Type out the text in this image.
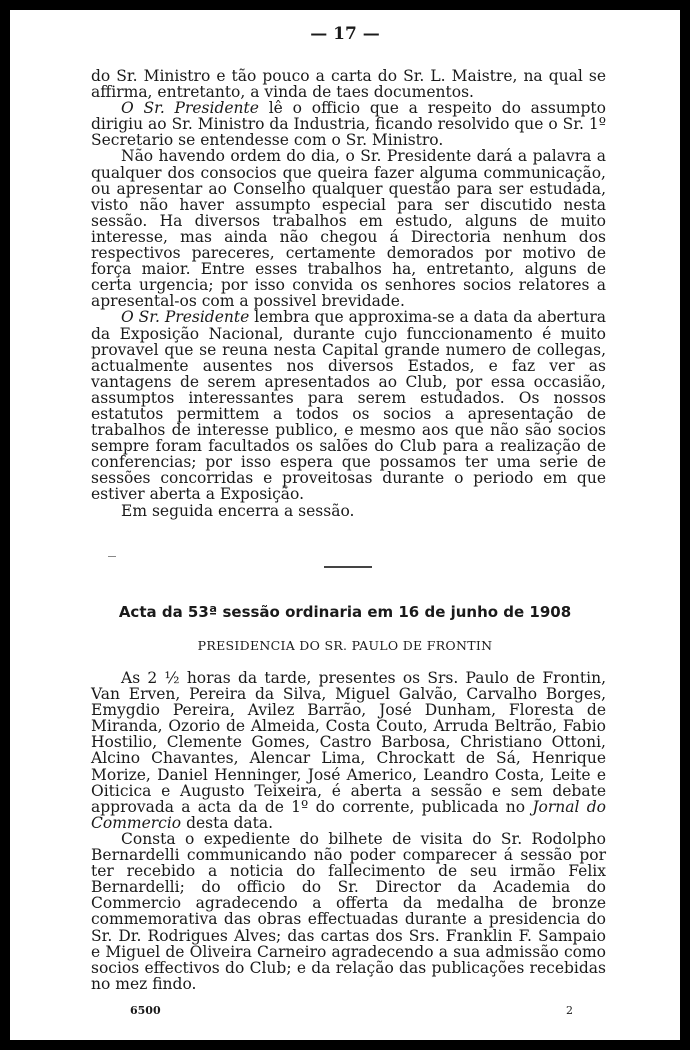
— 17 —

do Sr. Ministro e tão pouco a carta do Sr. L. Maistre, na qual se affirma, entretanto, a vinda de taes documentos.

O Sr. Presidente lê o officio que a respeito do assumpto dirigiu ao Sr. Ministro da Industria, ficando resolvido que o Sr. 1º Secretario se entendesse com o Sr. Ministro.

Não havendo ordem do dia, o Sr. Presidente dará a palavra a qualquer dos consocios que queira fazer alguma communicação, ou apresentar ao Conselho qualquer questão para ser estudada, visto não haver assumpto especial para ser discutido nesta sessão. Ha diversos trabalhos em estudo, alguns de muito interesse, mas ainda não chegou á Directoria nenhum dos respectivos pareceres, certamente demorados por motivo de força maior. Entre esses trabalhos ha, entretanto, alguns de certa urgencia; por isso convida os senhores socios relatores a apresental-os com a possivel brevidade.

O Sr. Presidente lembra que approxima-se a data da abertura da Exposição Nacional, durante cujo funccionamento é muito provavel que se reuna nesta Capital grande numero de collegas, actualmente ausentes nos diversos Estados, e faz ver as vantagens de serem apresentados ao Club, por essa occasião, assumptos interessantes para serem estudados. Os nossos estatutos permittem a todos os socios a apresentação de trabalhos de interesse publico, e mesmo aos que não são socios sempre foram facultados os salões do Club para a realização de conferencias; por isso espera que possamos ter uma serie de sessões concorridas e proveitosas durante o periodo em que estiver aberta a Exposição.

Em seguida encerra a sessão.

Acta da 53ª sessão ordinaria em 16 de junho de 1908
PRESIDENCIA DO SR. PAULO DE FRONTIN

As 2 ½ horas da tarde, presentes os Srs. Paulo de Frontin, Van Erven, Pereira da Silva, Miguel Galvão, Carvalho Borges, Emygdio Pereira, Avilez Barrão, José Dunham, Floresta de Miranda, Ozorio de Almeida, Costa Couto, Arruda Beltrão, Fabio Hostilio, Clemente Gomes, Castro Barbosa, Christiano Ottoni, Alcino Chavantes, Alencar Lima, Chrockatt de Sá, Henrique Morize, Daniel Henninger, José Americo, Leandro Costa, Leite e Oiticica e Augusto Teixeira, é aberta a sessão e sem debate approvada a acta da de 1º do corrente, publicada no Jornal do Commercio desta data.

Consta o expediente do bilhete de visita do Sr. Rodolpho Bernardelli communicando não poder comparecer á sessão por ter recebido a noticia do fallecimento de seu irmão Felix Bernardelli; do officio do Sr. Director da Academia do Commercio agradecendo a offerta da medalha de bronze commemorativa das obras effectuadas durante a presidencia do Sr. Dr. Rodrigues Alves; das cartas dos Srs. Franklin F. Sampaio e Miguel de Oliveira Carneiro agradecendo a sua admissão como socios effectivos do Club; e da relação das publicações recebidas no mez findo.

6500	2
